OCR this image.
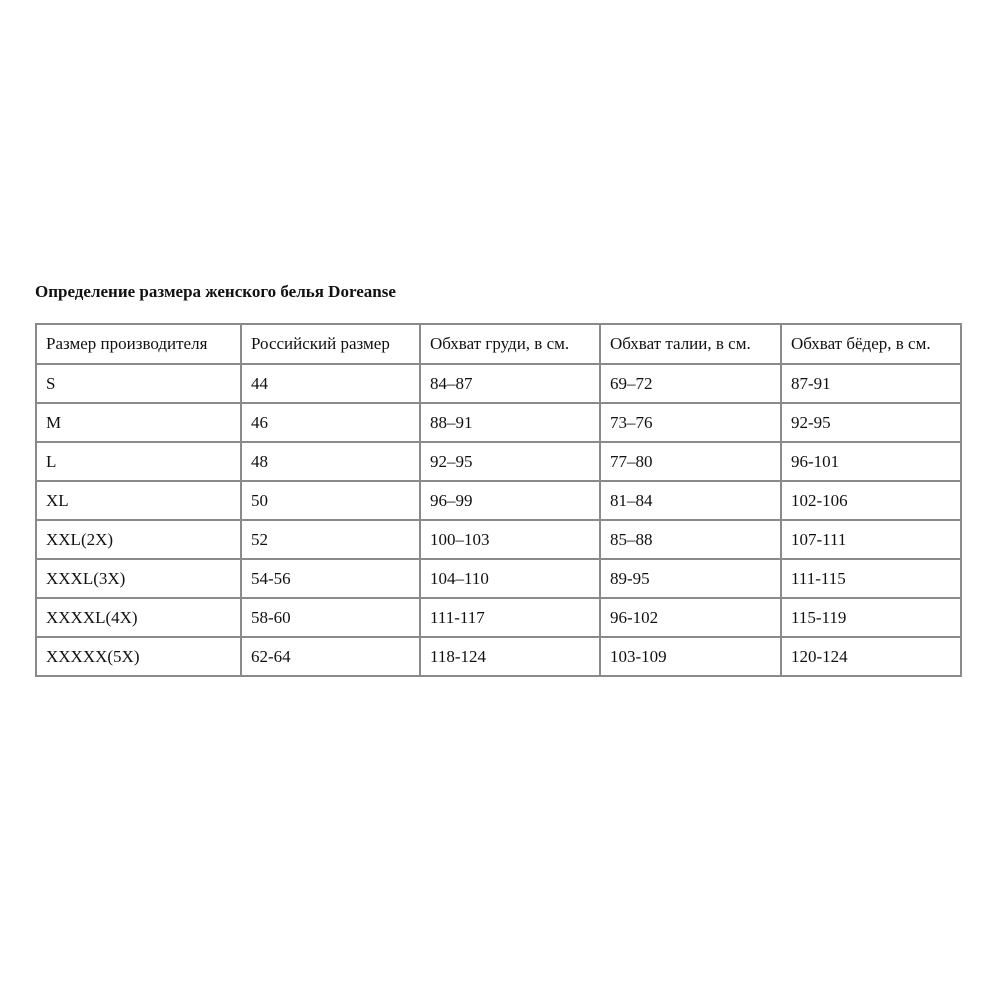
Определение размера женского белья Doreanse
Размер производителя	Российский размер	Обхват груди, в см.	Обхват талии, в см.	Обхват бёдер, в см.
S	44	84–87	69–72	87-91
M	46	88–91	73–76	92-95
L	48	92–95	77–80	96-101
XL	50	96–99	81–84	102-106
XXL(2X)	52	100–103	85–88	107-111
XXXL(3X)	54-56	104–110	89-95	111-115
XXXXL(4X)	58-60	111-117	96-102	115-119
XXXXX(5X)	62-64	118-124	103-109	120-124
